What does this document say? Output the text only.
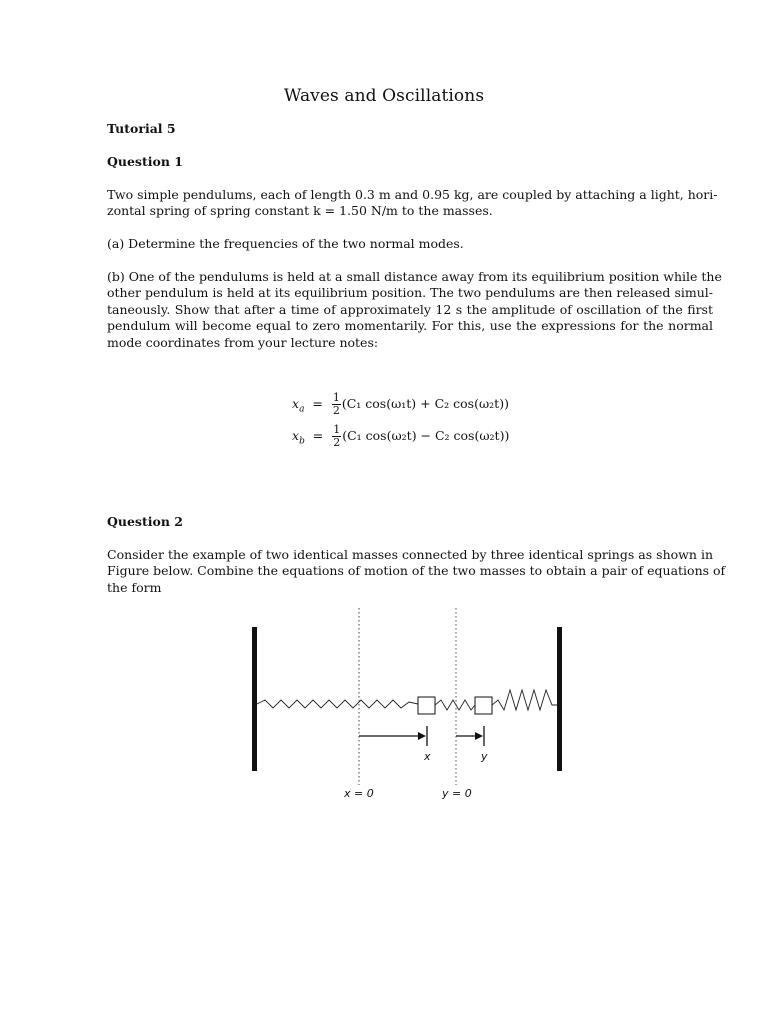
Waves and Oscillations
Tutorial 5
Question 1
Two simple pendulums, each of length 0.3 m and 0.95 kg, are coupled by attaching a light, hori-
zontal spring of spring constant k = 1.50 N/m to the masses.
(a) Determine the frequencies of the two normal modes.
(b) One of the pendulums is held at a small distance away from its equilibrium position while the
other pendulum is held at its equilibrium position. The two pendulums are then released simul-
taneously. Show that after a time of approximately 12 s the amplitude of oscillation of the first
pendulum will become equal to zero momentarily. For this, use the expressions for the normal
mode coordinates from your lecture notes:
$x_a = \frac{1}{2} (C_1$ cos(ω₁t) + C₂ cos(ω₂t))
$x_b = \frac{1}{2} (C_1$ cos(ω₂t) − C₂ cos(ω₂t))
Question 2
Consider the example of two identical masses connected by three identical springs as shown in
Figure below. Combine the equations of motion of the two masses to obtain a pair of equations of
the form
x	y
x = 0	y = 0
